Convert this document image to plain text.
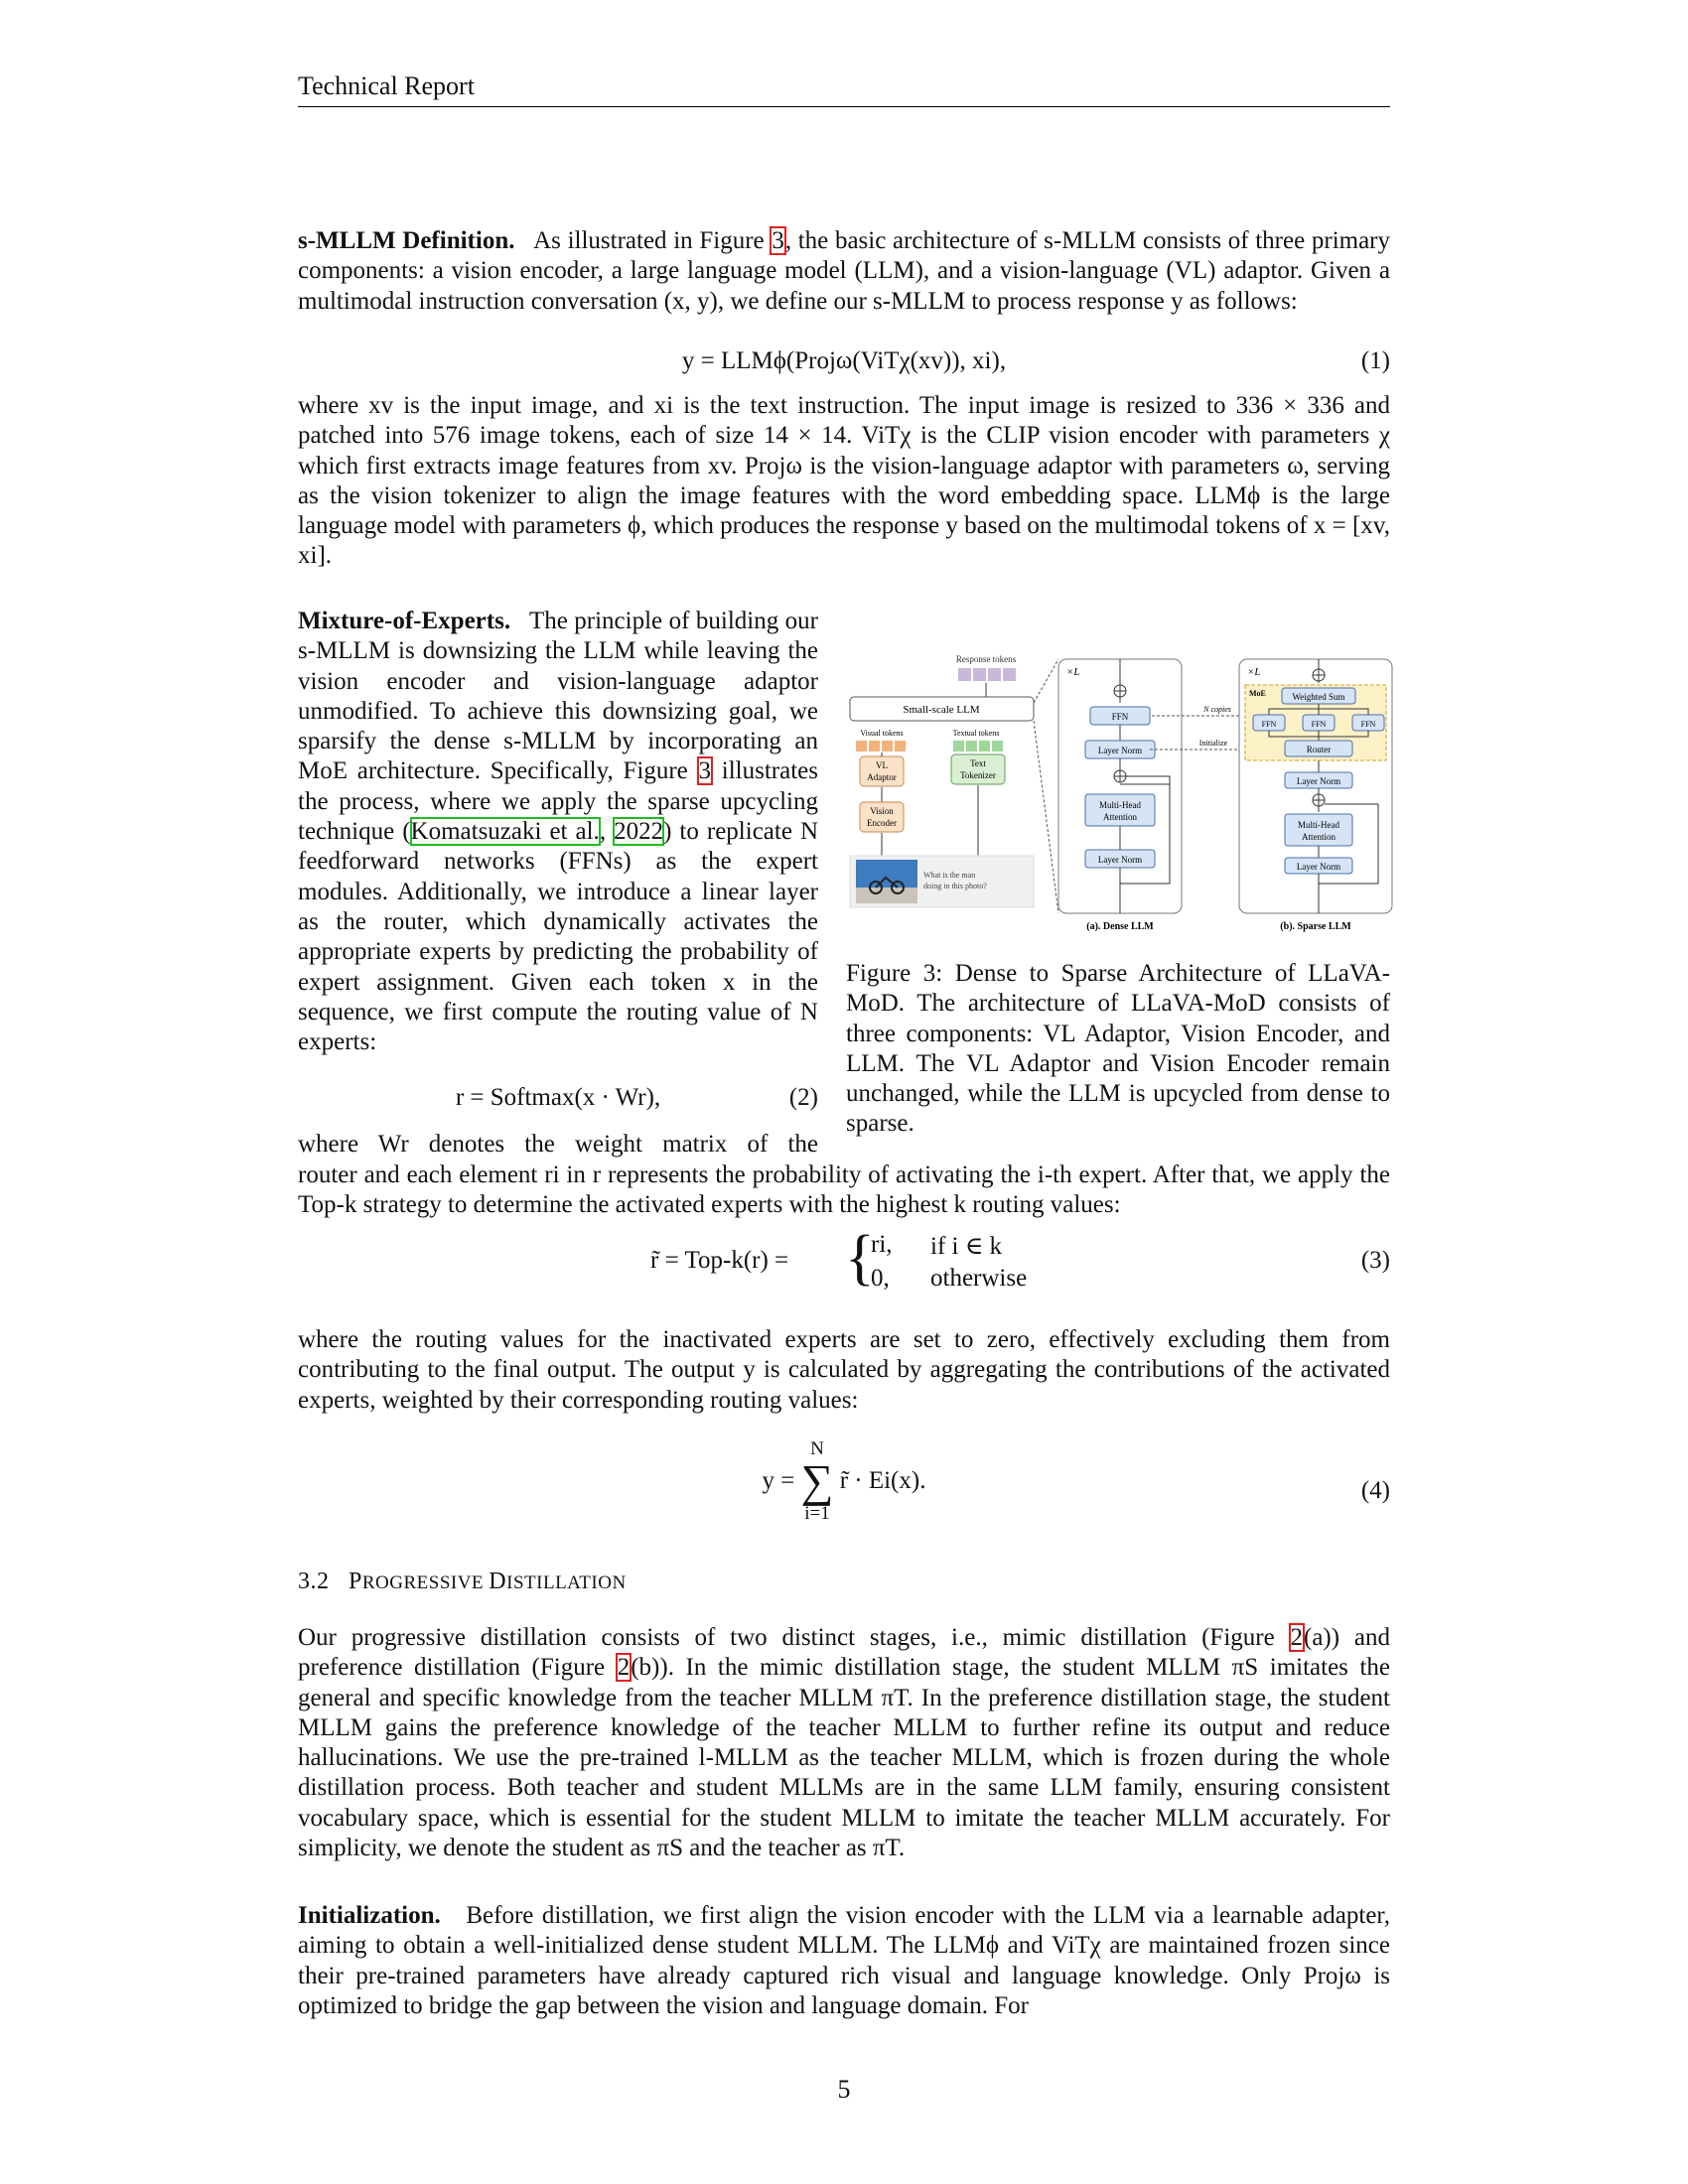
Technical Report
s-MLLM Definition. As illustrated in Figure 3, the basic architecture of s-MLLM consists of three primary components: a vision encoder, a large language model (LLM), and a vision-language (VL) adaptor. Given a multimodal instruction conversation (x, y), we define our s-MLLM to process response y as follows:
y = LLMϕ(Projω(ViTχ(xv)), xi),	(1)
where xv is the input image, and xi is the text instruction. The input image is resized to 336 × 336 and patched into 576 image tokens, each of size 14 × 14. ViTχ is the CLIP vision encoder with parameters χ which first extracts image features from xv. Projω is the vision-language adaptor with parameters ω, serving as the vision tokenizer to align the image features with the word embedding space. LLMϕ is the large language model with parameters ϕ, which produces the response y based on the multimodal tokens of x = [xv, xi].
Mixture-of-Experts. The principle of building our s-MLLM is downsizing the LLM while leaving the vision encoder and vision-language adaptor unmodified. To achieve this downsizing goal, we sparsify the dense s-MLLM by incorporating an MoE architecture. Specifically, Figure 3 illustrates the process, where we apply the sparse upcycling technique (Komatsuzaki et al., 2022) to replicate N feedforward networks (FFNs) as the expert modules. Additionally, we introduce a linear layer as the router, which dynamically activates the appropriate experts by predicting the probability of expert assignment. Given each token x in the sequence, we first compute the routing value of N experts:
r = Softmax(x · Wr),	(2)
where Wr denotes the weight matrix of the
router and each element ri in r represents the probability of activating the i-th expert. After that, we apply the Top-k strategy to determine the activated experts with the highest k routing values:
Response tokens
Small-scale LLM
Visual tokens	Textual tokens
VL
Adaptor
Text
Tokenizer
Vision
Encoder
What is the man
doing in this photo?
×L
FFN
Layer Norm
Multi-Head
Attention
Layer Norm
(a). Dense LLM
N copies
Initialize
×L
MoE	Weighted Sum
FFN	FFN	FFN
Router
Layer Norm
Multi-Head
Attention
Layer Norm
(b). Sparse LLM
Figure 3: Dense to Sparse Architecture of LLaVA-MoD. The architecture of LLaVA-MoD consists of three components: VL Adaptor, Vision Encoder, and LLM. The VL Adaptor and Vision Encoder remain unchanged, while the LLM is upcycled from dense to sparse.
r̃ = Top-k(r) = {
ri, if i ∈ k
0, otherwise
(3)
where the routing values for the inactivated experts are set to zero, effectively excluding them from contributing to the final output. The output y is calculated by aggregating the contributions of the activated experts, weighted by their corresponding routing values:
y =
N
∑
i=1
r̃ · Ei(x).	(4)
3.2 PROGRESSIVE DISTILLATION
Our progressive distillation consists of two distinct stages, i.e., mimic distillation (Figure 2(a)) and preference distillation (Figure 2(b)). In the mimic distillation stage, the student MLLM πS imitates the general and specific knowledge from the teacher MLLM πT. In the preference distillation stage, the student MLLM gains the preference knowledge of the teacher MLLM to further refine its output and reduce hallucinations. We use the pre-trained l-MLLM as the teacher MLLM, which is frozen during the whole distillation process. Both teacher and student MLLMs are in the same LLM family, ensuring consistent vocabulary space, which is essential for the student MLLM to imitate the teacher MLLM accurately. For simplicity, we denote the student as πS and the teacher as πT.
Initialization. Before distillation, we first align the vision encoder with the LLM via a learnable adapter, aiming to obtain a well-initialized dense student MLLM. The LLMϕ and ViTχ are maintained frozen since their pre-trained parameters have already captured rich visual and language knowledge. Only Projω is optimized to bridge the gap between the vision and language domain. For
5
